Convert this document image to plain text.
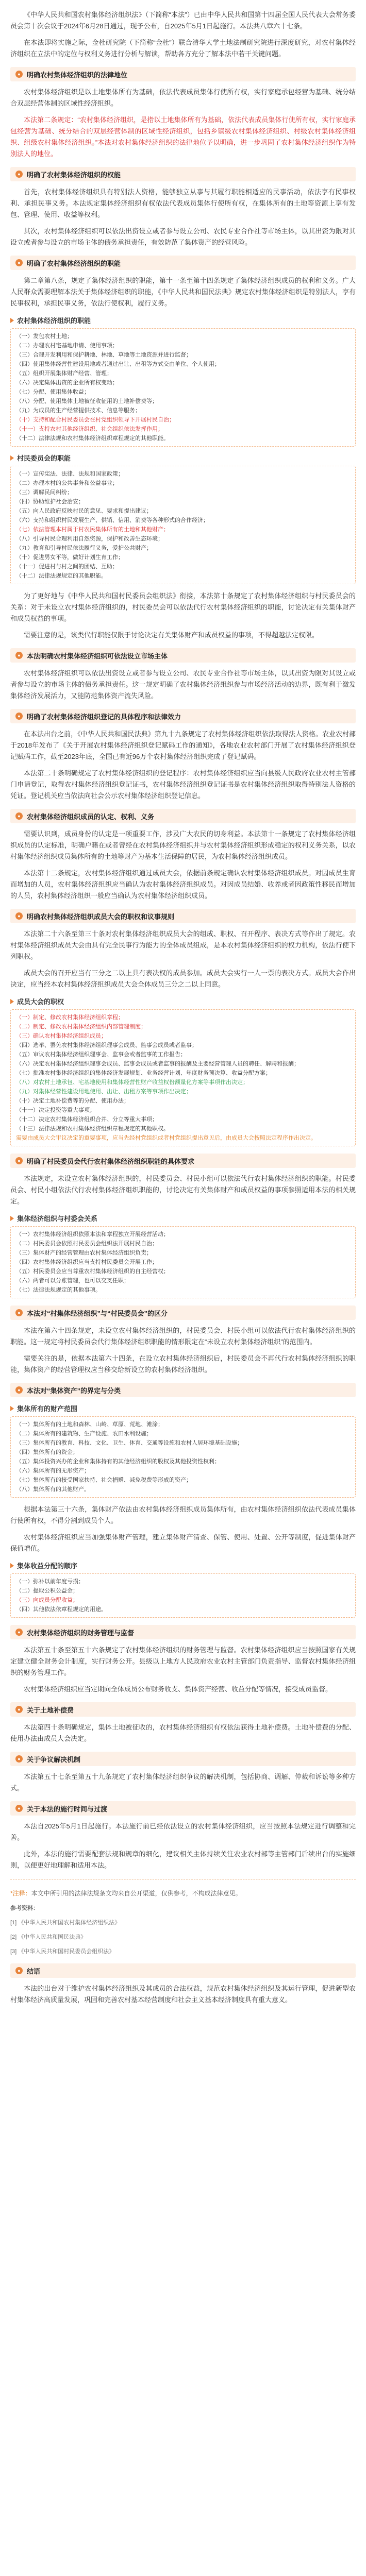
《中华人民共和国农村集体经济组织法》（下简称“本法”）已由中华人民共和国第十四届全国人民代表大会常务委员会第十次会议于2024年6月28日通过，现予公布，自2025年5月1日起施行。本法共八章六十七条。

在本法即将实施之际，金杜研究院（下简称“金杜”）联合清华大学土地法制研究院进行深度研究，对农村集体经济组织在立法中的定位与权利义务进行分析与解读，帮助各方充分了解本法中若干关键问题。

● 明确农村集体经济组织的法律地位

农村集体经济组织是以土地集体所有为基础，依法代表成员集体行使所有权，实行家庭承包经营为基础、统分结合双层经营体制的区域性经济组织。

本法第二条规定：“农村集体经济组织，是指以土地集体所有为基础，依法代表成员集体行使所有权，实行家庭承包经营为基础、统分结合的双层经营体制的区域性经济组织，包括乡镇级农村集体经济组织、村级农村集体经济组织、组级农村集体经济组织。”本法对农村集体经济组织的法律地位予以明确，进一步巩固了农村集体经济组织作为特别法人的地位。

● 明确了农村集体经济组织的权能

首先，农村集体经济组织具有特别法人资格，能够独立从事与其履行职能相适应的民事活动，依法享有民事权利、承担民事义务。本法规定集体经济组织有权依法代表成员集体行使所有权，在集体所有的土地等资源上享有发包、管理、使用、收益等权利。

其次，农村集体经济组织可以依法出资设立或者参与设立公司、农民专业合作社等市场主体，以其出资为限对其设立或者参与设立的市场主体的债务承担责任，有效防范了集体资产的经营风险。

● 明确了农村集体经济组织的职能

第二章第八条，规定了集体经济组织的职能，第十一条至第十四条规定了集体经济组织成员的权利和义务。广大人民群众需要理解本法关于集体经济组织的职能，《中华人民共和国民法典》规定农村集体经济组织是特别法人，享有民事权利，承担民事义务，依法行使权利，履行义务。

农村集体经济组织的职能

（一）发包农村土地；

（二）办理农村宅基地申请、使用事项；

（三）合理开发利用和保护耕地、林地、草地等土地资源并进行监督；

（四）使用集体经营性建设用地或者通过出让、出租等方式交由单位、个人使用；

（五）组织开展集体财产经营、管理；

（六）决定集体出资的企业所有权变动；

（七）分配、使用集体收益；

（八）分配、使用集体土地被征收征用的土地补偿费等；

（九）为成员的生产经营提供技术、信息等服务；

（十）支持和配合村民委员会在村党组织领导下开展村民自治；

（十一）支持农村其他经济组织、社会组织依法发挥作用；

（十二）法律法规和农村集体经济组织章程规定的其他职能。

村民委员会的职能

（一）宣传宪法、法律、法规和国家政策；

（二）办理本村的公共事务和公益事业；

（三）调解民间纠纷；

（四）协助维护社会治安；

（五）向人民政府反映村民的意见、要求和提出建议；

（六）支持和组织村民发展生产、供销、信用、消费等各种形式的合作经济；

（七）依法管理本村属于村农民集体所有的土地和其他财产；

（八）引导村民合理利用自然资源，保护和改善生态环境；

（九）教育和引导村民依法履行义务，爱护公共财产；

（十）促进男女平等，做好计划生育工作；

（十一）促进村与村之间的团结、互助；

（十二）法律法规规定的其他职能。

为了更好地与《中华人民共和国村民委员会组织法》衔接，本法第十条规定了农村集体经济组织与村民委员会的关系：对于未设立农村集体经济组织的，村民委员会可以依法代行农村集体经济组织的职能，讨论决定有关集体财产和成员权益的事项。

需要注意的是，该类代行职能仅限于讨论决定有关集体财产和成员权益的事项，不得超越法定权限。

● 本法明确农村集体经济组织可依法设立市场主体

农村集体经济组织可以依法出资设立或者参与设立公司、农民专业合作社等市场主体，以其出资为限对其设立或者参与设立的市场主体的债务承担责任。这一规定明确了农村集体经济组织参与市场经济活动的边界，既有利于激发集体经济发展活力，又能防范集体资产流失风险。

● 明确了农村集体经济组织登记的具体程序和法律效力

在本法出台之前，《中华人民共和国民法典》第九十九条规定了农村集体经济组织依法取得法人资格。农业农村部于2018年发布了《关于开展农村集体经济组织登记赋码工作的通知》，各地农业农村部门开展了农村集体经济组织登记赋码工作，截至2023年底，全国已有近96万个农村集体经济组织完成了登记赋码。

本法第二十条明确规定了农村集体经济组织的登记程序：农村集体经济组织应当向县级人民政府农业农村主管部门申请登记，取得农村集体经济组织登记证书，农村集体经济组织登记证书是农村集体经济组织取得特别法人资格的凭证。登记机关应当依法向社会公示农村集体经济组织登记信息。

● 农村集体经济组织成员的认定、权利、义务

需要认识到，成员身份的认定是一项重要工作，涉及广大农民的切身利益。本法第十一条规定了农村集体经济组织成员的认定标准，明确户籍在或者曾经在农村集体经济组织并与农村集体经济组织形成稳定的权利义务关系，以农村集体经济组织成员集体所有的土地等财产为基本生活保障的居民，为农村集体经济组织成员。

本法第十二条规定，农村集体经济组织通过成员大会，依据前条规定确认农村集体经济组织成员。对因成员生育而增加的人员，农村集体经济组织应当确认为农村集体经济组织成员。对因成员结婚、收养或者因政策性移民而增加的人员，农村集体经济组织一般应当确认为农村集体经济组织成员。

● 明确农村集体经济组织成员大会的职权和议事规则

本法第二十六条至第三十条对农村集体经济组织成员大会的组成、职权、召开程序、表决方式等作出了规定。农村集体经济组织成员大会由具有完全民事行为能力的全体成员组成，是本农村集体经济组织的权力机构，依法行使下列职权。

成员大会的召开应当有三分之二以上具有表决权的成员参加。成员大会实行一人一票的表决方式。成员大会作出决定，应当经本农村集体经济组织成员大会全体成员三分之二以上同意。

成员大会的职权

（一）制定、修改农村集体经济组织章程；

（二）制定、修改农村集体经济组织内部管理制度；

（三）确认农村集体经济组织成员；

（四）选举、罢免农村集体经济组织理事会成员、监事会成员或者监事；

（五）审议农村集体经济组织理事会、监事会或者监事的工作报告；

（六）决定农村集体经济组织理事会成员、监事会成员或者监事的报酬及主要经营管理人员的聘任、解聘和报酬；

（七）批准农村集体经济组织的集体经济发展规划、业务经营计划、年度财务预决算、收益分配方案；

（八）对农村土地承包、宅基地使用和集体经营性财产收益权份额量化方案等事项作出决定；

（九）对集体经营性建设用地使用、出让、出租方案等事项作出决定；

（十）决定土地补偿费等的分配、使用办法；

（十一）决定投资等重大事项；

（十二）决定农村集体经济组织合并、分立等重大事项；

（十三）法律法规和农村集体经济组织章程规定的其他职权。

需要由成员大会审议决定的重要事项，应当先经村党组织或者村党组织提出意见后，由成员大会按照法定程序作出决定。

● 明确了村民委员会代行农村集体经济组织职能的具体要求

本法规定，未设立农村集体经济组织的，村民委员会、村民小组可以依法代行农村集体经济组织的职能。村民委员会、村民小组依法代行农村集体经济组织职能的，讨论决定有关集体财产和成员权益的事项参照适用本法的相关规定。

集体经济组织与村委会关系

（一）农村集体经济组织依照本法和章程独立开展经营活动；

（二）村民委员会依照村民委员会组织法开展村民自治；

（三）集体财产的经营管理由农村集体经济组织负责；

（四）农村集体经济组织应当支持村民委员会开展工作；

（五）村民委员会应当尊重农村集体经济组织的自主经营权；

（六）两者可以分账管理，也可以交叉任职；

（七）法律法规规定的其他事项。

● 本法对“村集体经济组织”与“村民委员会”的区分

本法在第六十四条规定，未设立农村集体经济组织的，村民委员会、村民小组可以依法代行农村集体经济组织的职能。这一规定将村民委员会代行集体经济组织职能的情形限定在“未设立农村集体经济组织”的范围内。

需要关注的是，依据本法第六十四条，在设立农村集体经济组织后，村民委员会不再代行农村集体经济组织的职能，集体资产的经营管理权应当移交给新设立的农村集体经济组织。

● 本法对“集体资产”的界定与分类
集体所有的财产范围

（一）集体所有的土地和森林、山岭、草原、荒地、滩涂；

（二）集体所有的建筑物、生产设施、农田水利设施；

（三）集体所有的教育、科技、文化、卫生、体育、交通等设施和农村人居环境基础设施；

（四）集体所有的资金；

（五）集体投资兴办的企业和集体持有的其他经济组织的股权及其他投资性权利；

（六）集体所有的无形资产；

（七）集体所有的接受国家扶持、社会捐赠、减免税费等形成的资产；

（八）集体所有的其他财产。

根据本法第三十六条，集体财产依法由农村集体经济组织成员集体所有，由农村集体经济组织依法代表成员集体行使所有权，不得分割到成员个人。

农村集体经济组织应当加强集体财产管理，建立集体财产清查、保管、使用、处置、公开等制度，促进集体财产保值增值。

集体收益分配的顺序

（一）弥补以前年度亏损；

（二）提取公积公益金；

（三）向成员分配收益；

（四）其他依法依章程规定的用途。

● 农村集体经济组织的财务管理与监督

本法第五十条至第五十六条规定了农村集体经济组织的财务管理与监督。农村集体经济组织应当按照国家有关规定建立健全财务会计制度，实行财务公开。县级以上地方人民政府农业农村主管部门负责指导、监督农村集体经济组织的财务管理工作。

农村集体经济组织应当定期向全体成员公布财务收支、集体资产经营、收益分配等情况，接受成员监督。

● 关于土地补偿费

本法第四十条明确规定，集体土地被征收的，农村集体经济组织有权依法获得土地补偿费。土地补偿费的分配、使用办法由成员大会决定。

● 关于争议解决机制

本法第五十七条至第五十九条规定了农村集体经济组织争议的解决机制，包括协商、调解、仲裁和诉讼等多种方式。

● 关于本法的施行时间与过渡

本法自2025年5月1日起施行。本法施行前已经依法设立的农村集体经济组织，应当按照本法规定进行调整和完善。

此外，本法的施行需要配套法规和规章的细化，建议相关主体持续关注农业农村部等主管部门后续出台的实施细则，以便更好地理解和适用本法。

*注释：本文中所引用的法律法规条文均来自公开渠道，仅供参考，不构成法律意见。

参考资料：

[1] 《中华人民共和国农村集体经济组织法》

[2] 《中华人民共和国民法典》

[3] 《中华人民共和国村民委员会组织法》

● 结语

本法的出台对于维护农村集体经济组织及其成员的合法权益，规范农村集体经济组织及其运行管理，促进新型农村集体经济高质量发展，巩固和完善农村基本经营制度和社会主义基本经济制度具有重大意义。
